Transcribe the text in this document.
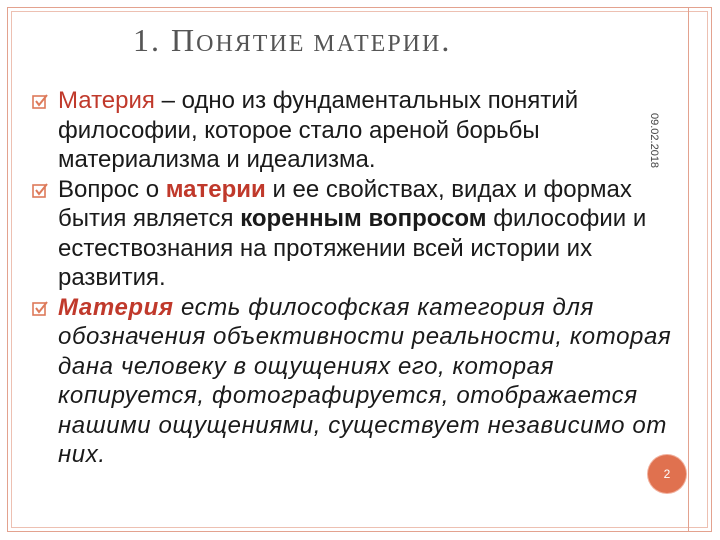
1. ПОНЯТИЕ МАТЕРИИ.
09.02.2018
Материя – одно из фундаментальных понятий философии, которое стало ареной борьбы материализма и идеализма.
Вопрос о материи и ее свойствах, видах и формах бытия является коренным вопросом философии и естествознания на протяжении всей истории их развития.
Материя есть философская категория для обозначения объективности реальности, которая дана человеку в ощущениях его, которая копируется, фотографируется, отображается нашими ощущениями, существует независимо от них.
2
